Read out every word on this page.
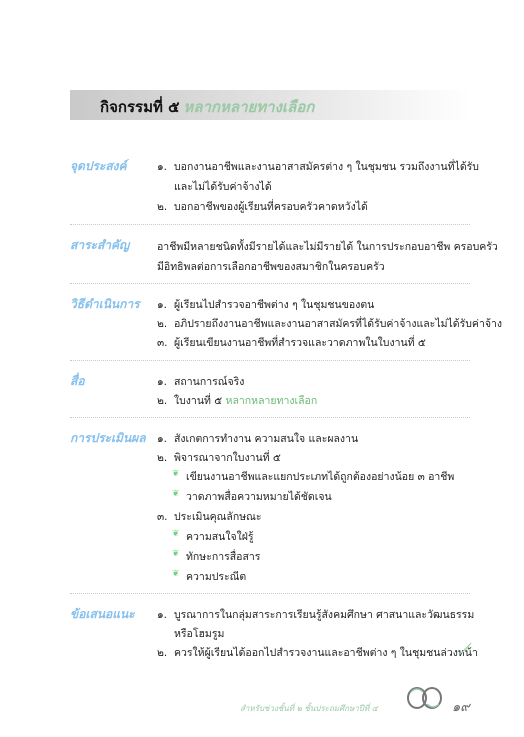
กิจกรรมที่ ๕ หลากหลายทางเลือก
จุดประสงค์	๑. บอกงานอาชีพและงานอาสาสมัครต่าง ๆ ในชุมชน รวมถึงงานที่ได้รับ
และไม่ได้รับค่าจ้างได้
๒. บอกอาชีพของผู้เรียนที่ครอบครัวคาดหวังได้
สาระสำคัญ	อาชีพมีหลายชนิดทั้งมีรายได้และไม่มีรายได้ ในการประกอบอาชีพ ครอบครัว
มีอิทธิพลต่อการเลือกอาชีพของสมาชิกในครอบครัว
วิธีดำเนินการ ๑. ผู้เรียนไปสำรวจอาชีพต่าง ๆ ในชุมชนของตน
๒. อภิปรายถึงงานอาชีพและงานอาสาสมัครที่ได้รับค่าจ้างและไม่ได้รับค่าจ้าง
๓. ผู้เรียนเขียนงานอาชีพที่สำรวจและวาดภาพในใบงานที่ ๕
สื่อ	๑. สถานการณ์จริง
๒. ใบงานที่ ๕ หลากหลายทางเลือก
การประเมินผล ๑. สังเกตการทำงาน ความสนใจ และผลงาน
๒. พิจารณาจากใบงานที่ ๕
❦ เขียนงานอาชีพและแยกประเภทได้ถูกต้องอย่างน้อย ๓ อาชีพ
❦ วาดภาพสื่อความหมายได้ชัดเจน
๓. ประเมินคุณลักษณะ
❦ ความสนใจใฝ่รู้
❦ ทักษะการสื่อสาร
❦ ความประณีต
ข้อเสนอแนะ ๑. บูรณาการในกลุ่มสาระการเรียนรู้สังคมศึกษา ศาสนาและวัฒนธรรม
หรือโฮมรูม
๒. ควรให้ผู้เรียนได้ออกไปสำรวจงานและอาชีพต่าง ๆ ในชุมชนล่วงหน้า
สำหรับช่วงชั้นที่ ๒ ชั้นประถมศึกษาปีที่ ๔	๑๙
